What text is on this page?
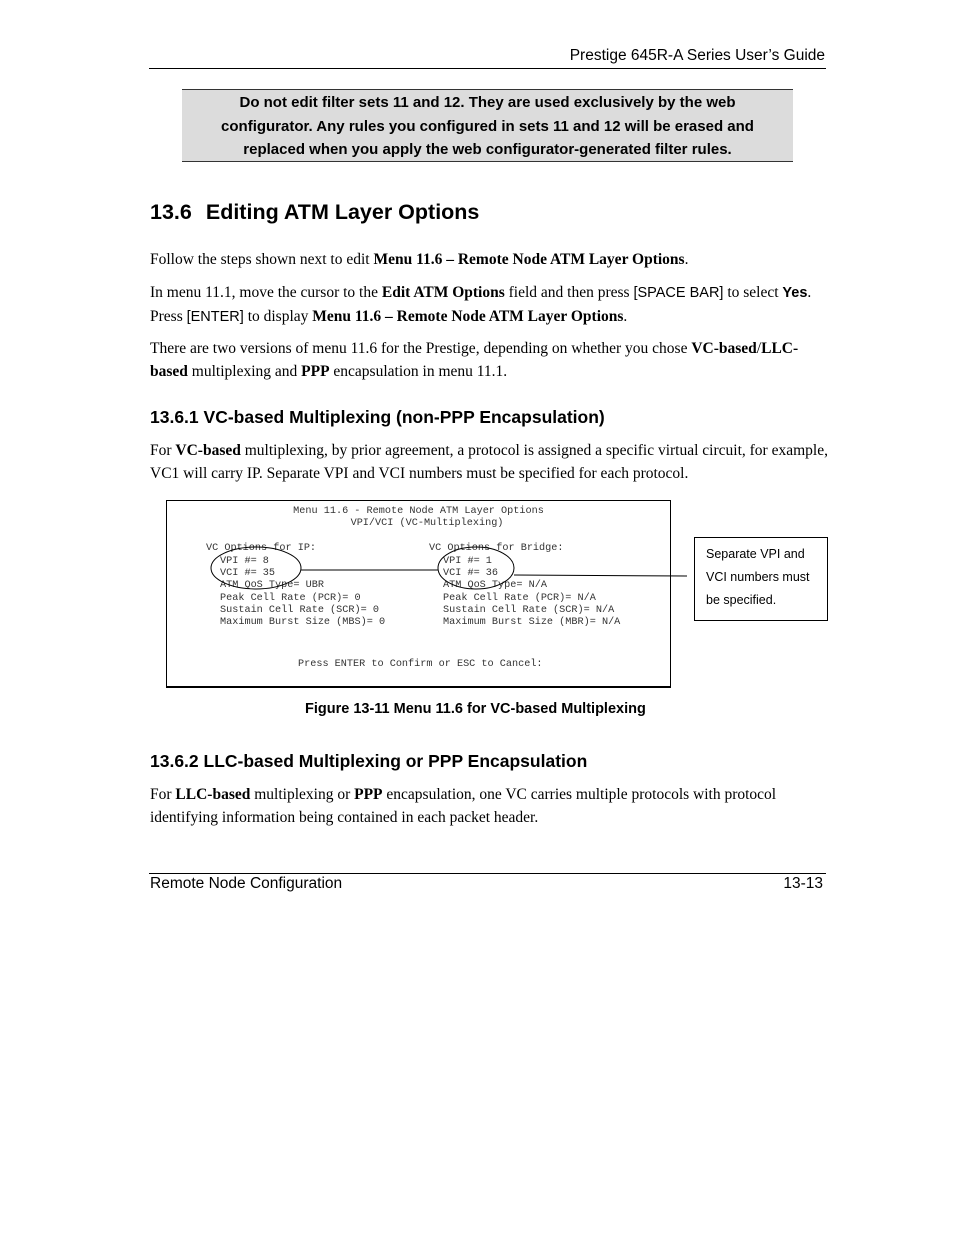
Prestige 645R-A Series User’s Guide
Do not edit filter sets 11 and 12. They are used exclusively by the web
configurator. Any rules you configured in sets 11 and 12 will be erased and
replaced when you apply the web configurator-generated filter rules.
13.6 Editing ATM Layer Options
Follow the steps shown next to edit Menu 11.6 – Remote Node ATM Layer Options.
In menu 11.1, move the cursor to the Edit ATM Options field and then press [SPACE BAR] to select Yes. Press [ENTER] to display Menu 11.6 – Remote Node ATM Layer Options.
There are two versions of menu 11.6 for the Prestige, depending on whether you chose VC-based/LLC-based multiplexing and PPP encapsulation in menu 11.1.
13.6.1 VC-based Multiplexing (non-PPP Encapsulation)
For VC-based multiplexing, by prior agreement, a protocol is assigned a specific virtual circuit, for example, VC1 will carry IP. Separate VPI and VCI numbers must be specified for each protocol.
Menu 11.6 - Remote Node ATM Layer Options
VPI/VCI (VC-Multiplexing)
VC Options for IP:
VPI #= 8
VCI #= 35
ATM QoS Type= UBR
Peak Cell Rate (PCR)= 0
Sustain Cell Rate (SCR)= 0
Maximum Burst Size (MBS)= 0
VC Options for Bridge:
VPI #= 1
VCI #= 36
ATM QoS Type= N/A
Peak Cell Rate (PCR)= N/A
Sustain Cell Rate (SCR)= N/A
Maximum Burst Size (MBR)= N/A
Press ENTER to Confirm or ESC to Cancel:
Separate VPI and
VCI numbers must
be specified.
Figure 13-11 Menu 11.6 for VC-based Multiplexing
13.6.2 LLC-based Multiplexing or PPP Encapsulation
For LLC-based multiplexing or PPP encapsulation, one VC carries multiple protocols with protocol identifying information being contained in each packet header.
Remote Node Configuration	13-13
